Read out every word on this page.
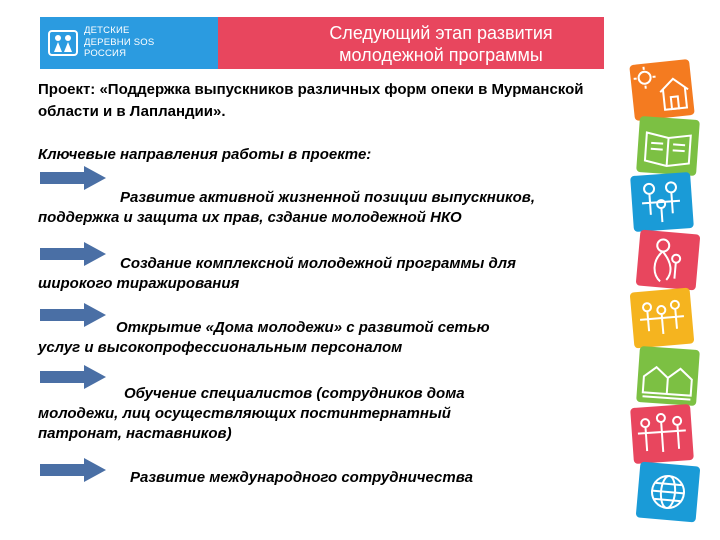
ДЕТСКИЕ
ДЕРЕВНИ SOS
РОССИЯ
Следующий этап развития
молодежной программы
Проект: «Поддержка выпускников различных форм опеки в Мурманской области и в Лапландии».
Ключевые направления работы в проекте:
Развитие активной жизненной позиции выпускников,
поддержка и защита их прав, сздание молодежной НКО
Создание комплексной молодежной программы для
широкого тиражирования
Открытие «Дома молодежи» с развитой сетью
услуг и высокопрофессиональным персоналом
Обучение специалистов (сотрудников дома
молодежи, лиц осуществляющих постинтернатный
патронат, наставников)
Развитие международного сотрудничества
